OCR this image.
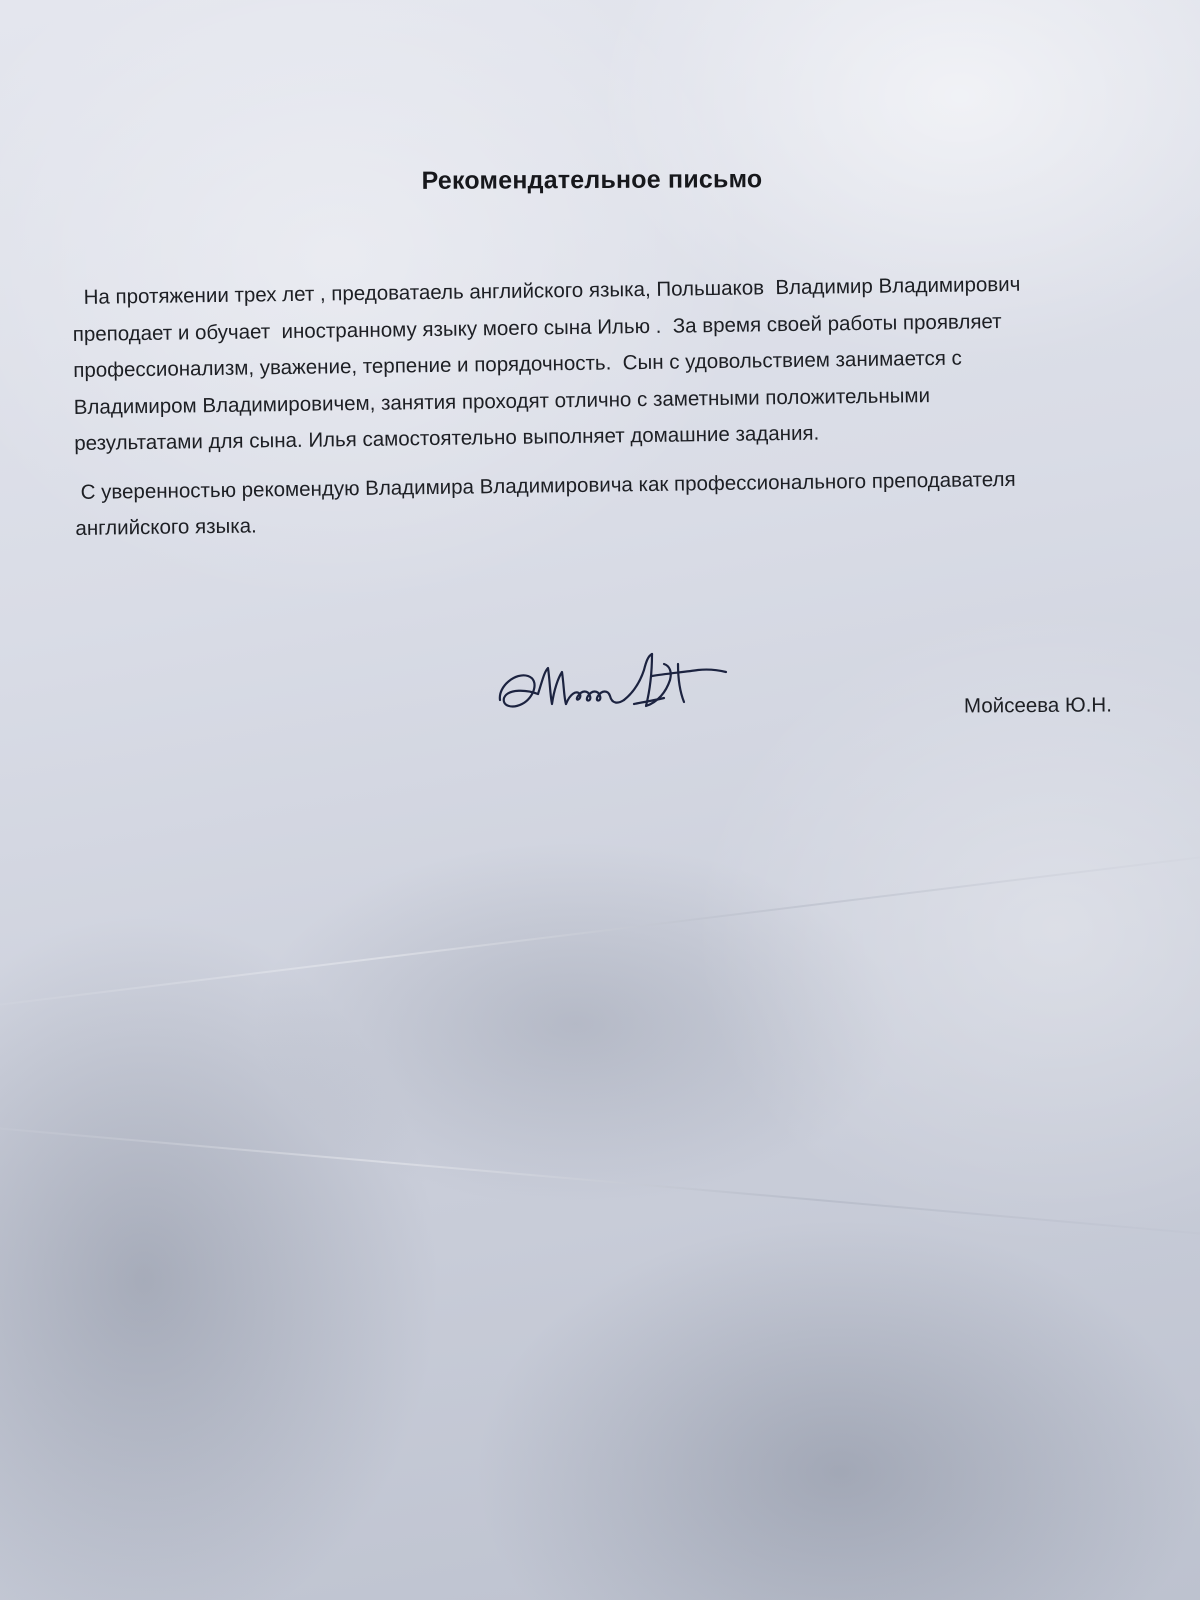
Рекомендательное письмо
На протяжении трех лет , предоватаель английского языка, Польшаков  Владимир Владимирович
преподает и обучает  иностранному языку моего сына Илью .  За время своей работы проявляет
профессионализм, уважение, терпение и порядочность.  Сын с удовольствием занимается с
Владимиром Владимировичем, занятия проходят отлично с заметными положительными
результатами для сына. Илья самостоятельно выполняет домашние задания.
С уверенностью рекомендую Владимира Владимировича как профессионального преподавателя
английского языка.
Мойсеева Ю.Н.
